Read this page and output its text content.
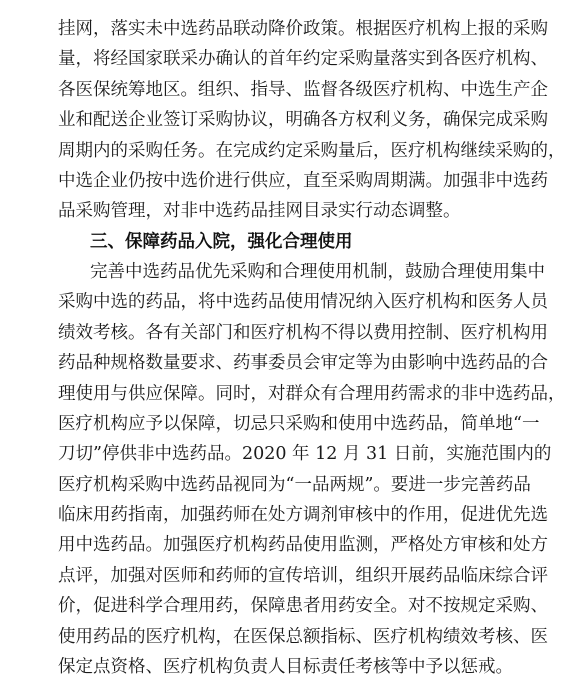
挂网，落实未中选药品联动降价政策。根据医疗机构上报的采购
量，将经国家联采办确认的首年约定采购量落实到各医疗机构、
各医保统筹地区。组织、指导、监督各级医疗机构、中选生产企
业和配送企业签订采购协议，明确各方权利义务，确保完成采购
周期内的采购任务。在完成约定采购量后，医疗机构继续采购的，
中选企业仍按中选价进行供应，直至采购周期满。加强非中选药
品采购管理，对非中选药品挂网目录实行动态调整。
三、保障药品入院，强化合理使用
完善中选药品优先采购和合理使用机制，鼓励合理使用集中
采购中选的药品，将中选药品使用情况纳入医疗机构和医务人员
绩效考核。各有关部门和医疗机构不得以费用控制、医疗机构用
药品种规格数量要求、药事委员会审定等为由影响中选药品的合
理使用与供应保障。同时，对群众有合理用药需求的非中选药品，
医疗机构应予以保障，切忌只采购和使用中选药品，简单地“一
刀切”停供非中选药品。2020 年 12 月 31 日前，实施范围内的
医疗机构采购中选药品视同为“一品两规”。要进一步完善药品
临床用药指南，加强药师在处方调剂审核中的作用，促进优先选
用中选药品。加强医疗机构药品使用监测，严格处方审核和处方
点评，加强对医师和药师的宣传培训，组织开展药品临床综合评
价，促进科学合理用药，保障患者用药安全。对不按规定采购、
使用药品的医疗机构，在医保总额指标、医疗机构绩效考核、医
保定点资格、医疗机构负责人目标责任考核等中予以惩戒。
